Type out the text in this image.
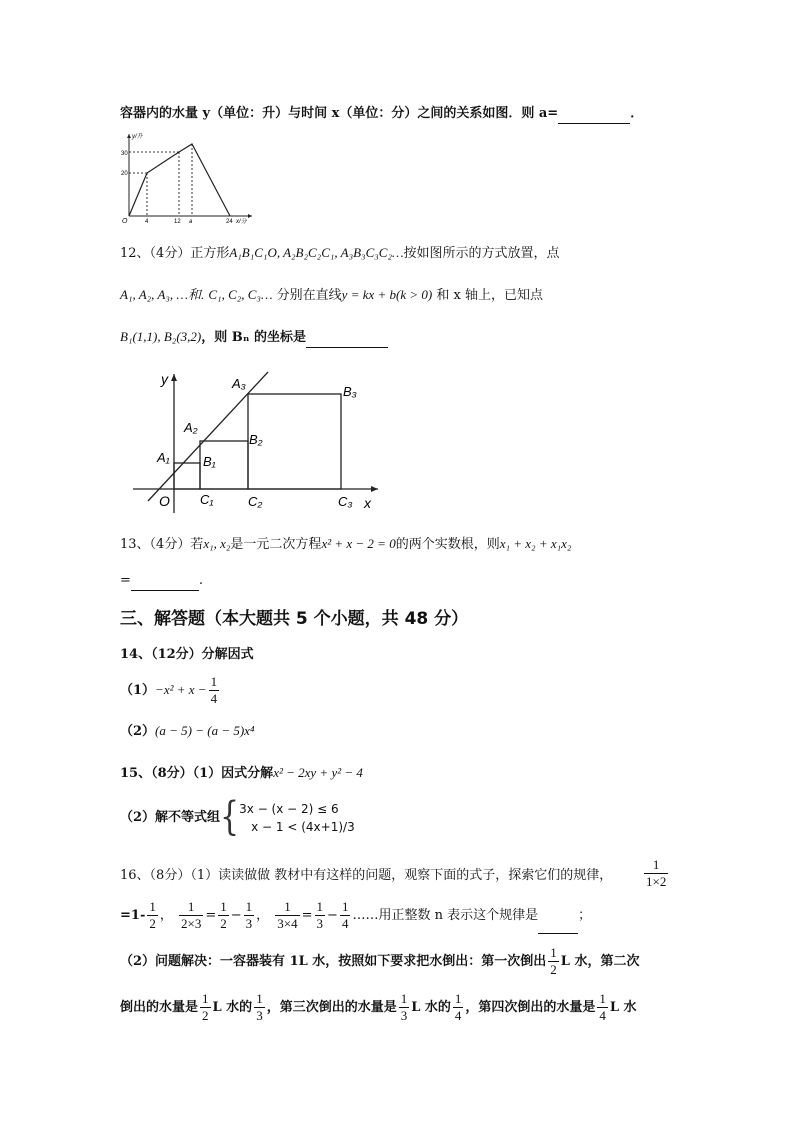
容器内的水量 y（单位：升）与时间 x（单位：分）之间的关系如图．则 a=	．
y/升
30
20
O	4	12 a	24 x/分
12、（4分）正方形A₁B₁C₁O, A₂B₂C₂C₁, A₃B₃C₃C₂…按如图所示的方式放置，点
A₁, A₂, A₃, …和. C₁, C₂, C₃… 分别在直线y = kx + b(k > 0) 和 x 轴上，已知点
B₁(1,1), B₂(3,2)，则 Bₙ 的坐标是
y
x
O
A₁
A₂
A₃
B₁
B₂
B₃
C₁	C₂	C₃
13、（4分）若x₁, x₂是一元二次方程x² + x − 2 = 0的两个实数根，则x₁ + x₂ + x₁x₂
=	.
三、解答题（本大题共 5 个小题，共 48 分）
14、（12分）分解因式
$(1)-x^2 + x - \frac{1}{4}$
（2）(a − 5) − (a − 5)x⁴
15、（8分）（1）因式分解x² − 2xy + y² − 4
（2）解不等式组{ 3x − (x − 2) ≤ 6
x − 1 < (4x+1)/3
16、（8分）（1）读读做做 教材中有这样的问题，观察下面的式子，探索它们的规律， $\frac{1}{1\times 2}$
$=1- \frac{1}{2}$ ， $\frac{1}{2\times 3} = \frac{1}{2} - \frac{1}{3}$ ， $\frac{1}{3\times 4} = \frac{1}{3} - \frac{1}{4}$ ……用正整数 n 表示这个规律是	；
（2）问题解决：一容器装有 1L 水，按照如下要求把水倒出：第一次倒出 $\frac{1}{2}$ L 水，第二次
倒出的水量是 $\frac{1}{2}$ L 水的 $\frac{1}{3}$ ，第三次倒出的水量是 $\frac{1}{3}$ L 水的 $\frac{1}{4}$ ，第四次倒出的水量是 $\frac{1}{4}$ L 水
